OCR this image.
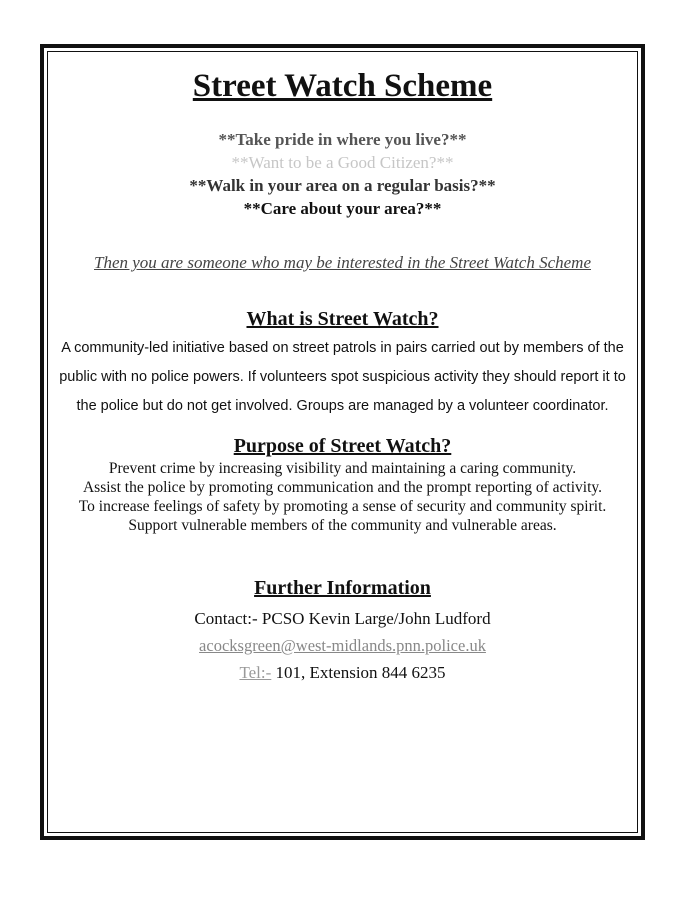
Street Watch Scheme
**Take pride in where you live?**
**Want to be a Good Citizen?**
**Walk in your area on a regular basis?**
**Care about your area?**
Then you are someone who may be interested in the Street Watch Scheme
What is Street Watch?
A community-led initiative based on street patrols in pairs carried out by members of the public with no police powers. If volunteers spot suspicious activity they should report it to the police but do not get involved. Groups are managed by a volunteer coordinator.
Purpose of Street Watch?
Prevent crime by increasing visibility and maintaining a caring community.
Assist the police by promoting communication and the prompt reporting of activity.
To increase feelings of safety by promoting a sense of security and community spirit.
Support vulnerable members of the community and vulnerable areas.
Further Information
Contact:- PCSO Kevin Large/John Ludford
acocksgreen@west-midlands.pnn.police.uk
Tel:- 101, Extension 844 6235
